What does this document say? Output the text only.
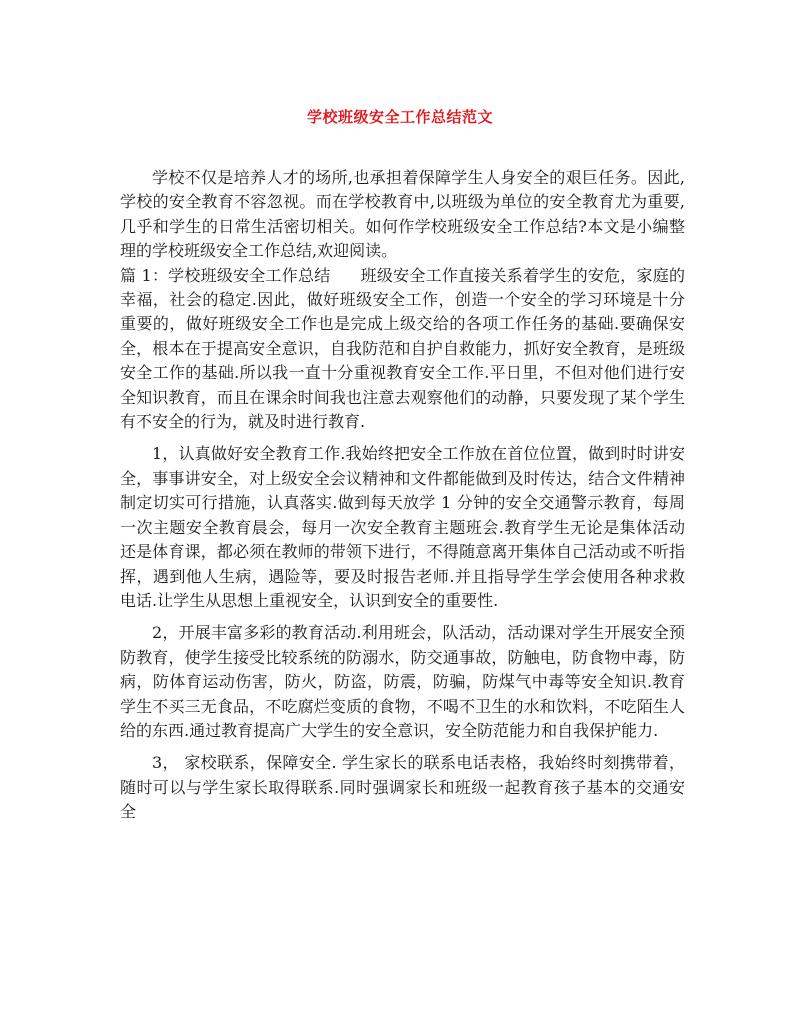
学校班级安全工作总结范文

学校不仅是培养人才的场所,也承担着保障学生人身安全的艰巨任务。因此,学校的安全教育不容忽视。而在学校教育中,以班级为单位的安全教育尤为重要,几乎和学生的日常生活密切相关。如何作学校班级安全工作总结?本文是小编整理的学校班级安全工作总结,欢迎阅读。

篇 1：学校班级安全工作总结 班级安全工作直接关系着学生的安危，家庭的幸福，社会的稳定.因此，做好班级安全工作，创造一个安全的学习环境是十分重要的，做好班级安全工作也是完成上级交给的各项工作任务的基础.要确保安全，根本在于提高安全意识，自我防范和自护自救能力，抓好安全教育，是班级安全工作的基础.所以我一直十分重视教育安全工作.平日里，不但对他们进行安全知识教育，而且在课余时间我也注意去观察他们的动静，只要发现了某个学生有不安全的行为，就及时进行教育.

1，认真做好安全教育工作.我始终把安全工作放在首位位置，做到时时讲安全，事事讲安全，对上级安全会议精神和文件都能做到及时传达，结合文件精神制定切实可行措施，认真落实.做到每天放学 1 分钟的安全交通警示教育，每周一次主题安全教育晨会，每月一次安全教育主题班会.教育学生无论是集体活动还是体育课，都必须在教师的带领下进行，不得随意离开集体自己活动或不听指挥，遇到他人生病，遇险等，要及时报告老师.并且指导学生学会使用各种求救电话.让学生从思想上重视安全，认识到安全的重要性.

2，开展丰富多彩的教育活动.利用班会，队活动，活动课对学生开展安全预防教育，使学生接受比较系统的防溺水，防交通事故，防触电，防食物中毒，防病，防体育运动伤害，防火，防盗，防震，防骗，防煤气中毒等安全知识.教育学生不买三无食品，不吃腐烂变质的食物，不喝不卫生的水和饮料，不吃陌生人给的东西.通过教育提高广大学生的安全意识，安全防范能力和自我保护能力.

3， 家校联系，保障安全. 学生家长的联系电话表格，我始终时刻携带着，随时可以与学生家长取得联系.同时强调家长和班级一起教育孩子基本的交通安全
